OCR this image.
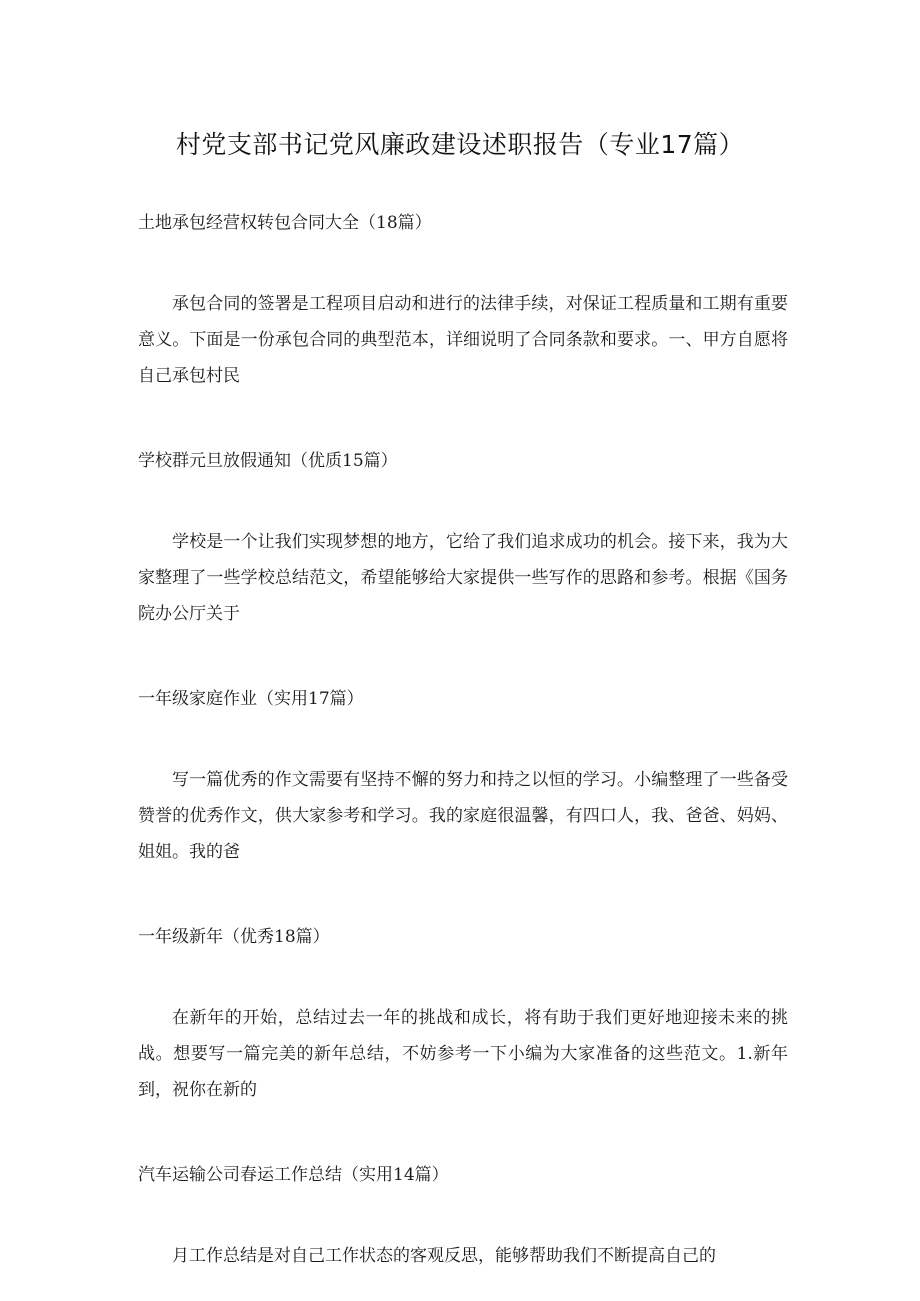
村党支部书记党风廉政建设述职报告（专业17篇）

土地承包经营权转包合同大全（18篇）

承包合同的签署是工程项目启动和进行的法律手续，对保证工程质量和工期有重要意义。下面是一份承包合同的典型范本，详细说明了合同条款和要求。一、甲方自愿将自己承包村民

学校群元旦放假通知（优质15篇）

学校是一个让我们实现梦想的地方，它给了我们追求成功的机会。接下来，我为大家整理了一些学校总结范文，希望能够给大家提供一些写作的思路和参考。根据《国务院办公厅关于

一年级家庭作业（实用17篇）

写一篇优秀的作文需要有坚持不懈的努力和持之以恒的学习。小编整理了一些备受赞誉的优秀作文，供大家参考和学习。我的家庭很温馨，有四口人，我、爸爸、妈妈、姐姐。我的爸

一年级新年（优秀18篇）

在新年的开始，总结过去一年的挑战和成长，将有助于我们更好地迎接未来的挑战。想要写一篇完美的新年总结，不妨参考一下小编为大家准备的这些范文。1.新年到，祝你在新的

汽车运输公司春运工作总结（实用14篇）

月工作总结是对自己工作状态的客观反思，能够帮助我们不断提高自己的
